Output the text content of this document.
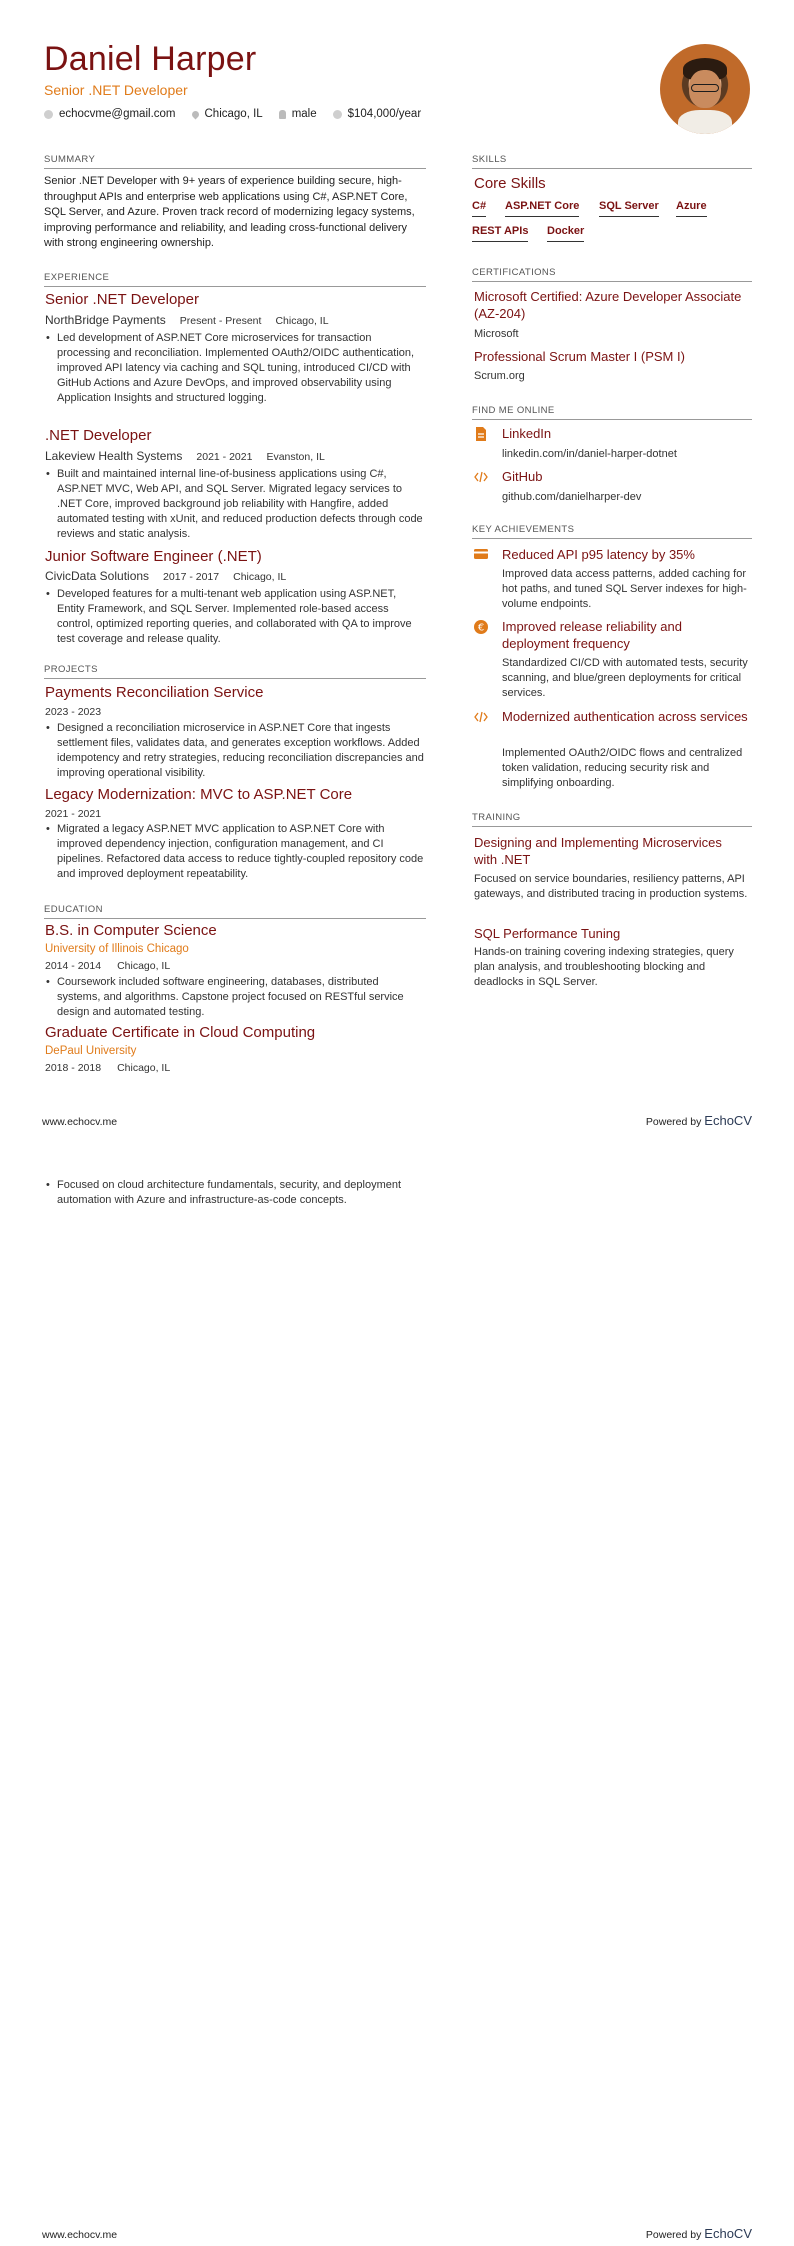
Daniel Harper
Senior .NET Developer
echocvme@gmail.com	Chicago, IL	male	$104,000/year
SUMMARY
Senior .NET Developer with 9+ years of experience building secure, high-throughput APIs and enterprise web applications using C#, ASP.NET Core, SQL Server, and Azure. Proven track record of modernizing legacy systems, improving performance and reliability, and leading cross-functional delivery with strong engineering ownership.
EXPERIENCE
Senior .NET Developer
NorthBridge Payments Present - Present Chicago, IL
• Led development of ASP.NET Core microservices for transaction processing and reconciliation. Implemented OAuth2/OIDC authentication, improved API latency via caching and SQL tuning, introduced CI/CD with GitHub Actions and Azure DevOps, and improved observability using Application Insights and structured logging.
.NET Developer
Lakeview Health Systems 2021 - 2021 Evanston, IL
• Built and maintained internal line-of-business applications using C#, ASP.NET MVC, Web API, and SQL Server. Migrated legacy services to .NET Core, improved background job reliability with Hangfire, added automated testing with xUnit, and reduced production defects through code reviews and static analysis.
Junior Software Engineer (.NET)
CivicData Solutions 2017 - 2017 Chicago, IL
• Developed features for a multi-tenant web application using ASP.NET, Entity Framework, and SQL Server. Implemented role-based access control, optimized reporting queries, and collaborated with QA to improve test coverage and release quality.
PROJECTS
Payments Reconciliation Service
2023 - 2023
• Designed a reconciliation microservice in ASP.NET Core that ingests settlement files, validates data, and generates exception workflows. Added idempotency and retry strategies, reducing reconciliation discrepancies and improving operational visibility.
Legacy Modernization: MVC to ASP.NET Core
2021 - 2021
• Migrated a legacy ASP.NET MVC application to ASP.NET Core with improved dependency injection, configuration management, and CI pipelines. Refactored data access to reduce tightly-coupled repository code and improved deployment repeatability.
EDUCATION
B.S. in Computer Science
University of Illinois Chicago
2014 - 2014 Chicago, IL
• Coursework included software engineering, databases, distributed systems, and algorithms. Capstone project focused on RESTful service design and automated testing.
Graduate Certificate in Cloud Computing
DePaul University
2018 - 2018 Chicago, IL
SKILLS
Core Skills
C# ASP.NET Core SQL Server Azure
REST APIs Docker
CERTIFICATIONS
Microsoft Certified: Azure Developer Associate (AZ-204)
Microsoft
Professional Scrum Master I (PSM I)
Scrum.org
FIND ME ONLINE
LinkedIn
linkedin.com/in/daniel-harper-dotnet
GitHub
github.com/danielharper-dev
KEY ACHIEVEMENTS
Reduced API p95 latency by 35%
Improved data access patterns, added caching for hot paths, and tuned SQL Server indexes for high-volume endpoints.
€ Improved release reliability and deployment frequency
Standardized CI/CD with automated tests, security scanning, and blue/green deployments for critical services.
Modernized authentication across services
Implemented OAuth2/OIDC flows and centralized token validation, reducing security risk and simplifying onboarding.
TRAINING
Designing and Implementing Microservices with .NET
Focused on service boundaries, resiliency patterns, API gateways, and distributed tracing in production systems.
SQL Performance Tuning
Hands-on training covering indexing strategies, query plan analysis, and troubleshooting blocking and deadlocks in SQL Server.
www.echocv.me	Powered by EchoCV
• Focused on cloud architecture fundamentals, security, and deployment automation with Azure and infrastructure-as-code concepts.
www.echocv.me	Powered by EchoCV
